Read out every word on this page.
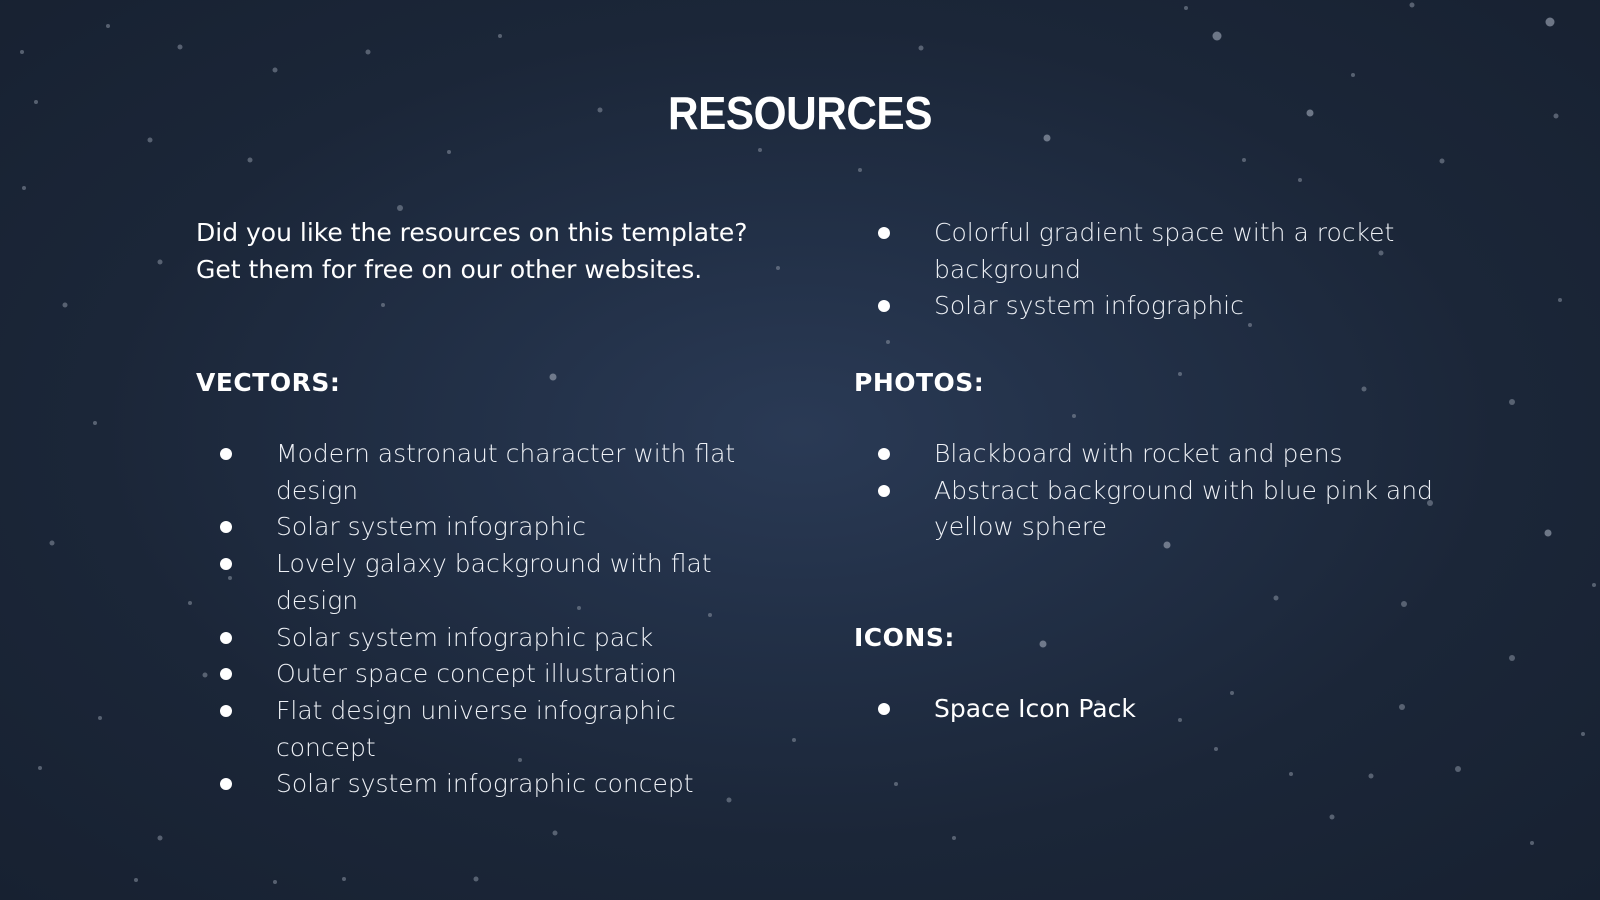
RESOURCES

Did you like the resources on this template? Get them for free on our other websites.

VECTORS:
Modern astronaut character with flat design
Solar system infographic
Lovely galaxy background with flat design
Solar system infographic pack
Outer space concept illustration
Flat design universe infographic concept
Solar system infographic concept
Colorful gradient space with a rocket background
Solar system infographic
PHOTOS:
Blackboard with rocket and pens
Abstract background with blue pink and yellow sphere
ICONS:
Space Icon Pack
